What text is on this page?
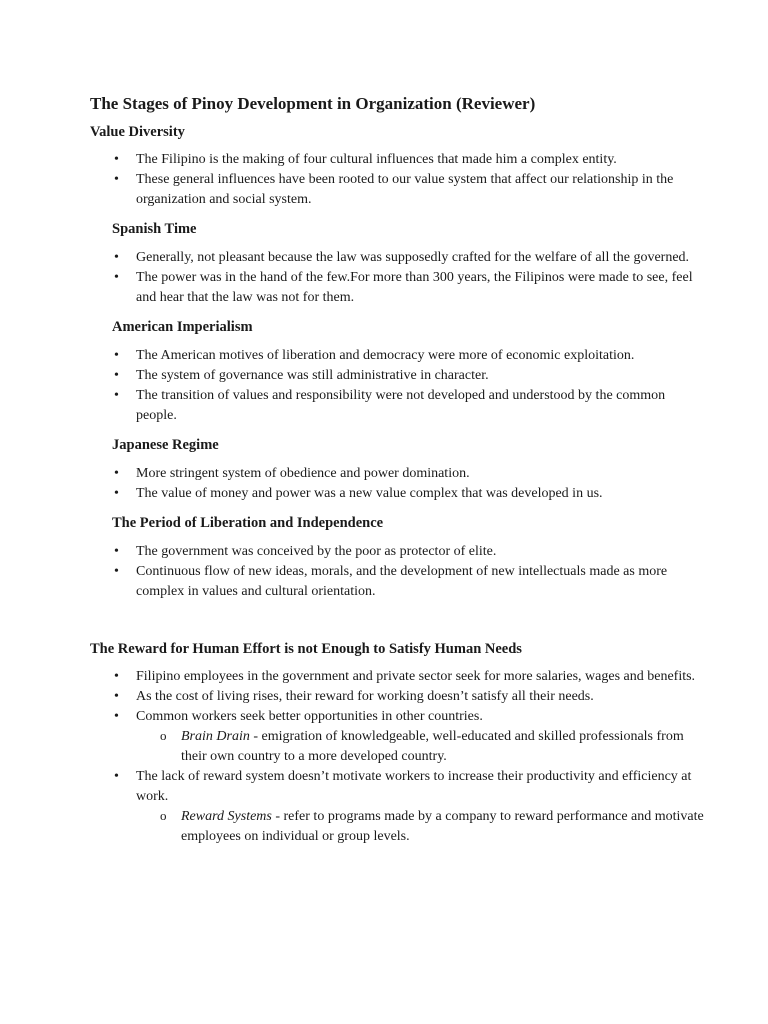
The Stages of Pinoy Development in Organization (Reviewer)
Value Diversity
• The Filipino is the making of four cultural influences that made him a complex entity.
• These general influences have been rooted to our value system that affect our relationship in the organization and social system.
Spanish Time
• Generally, not pleasant because the law was supposedly crafted for the welfare of all the governed.
• The power was in the hand of the few.For more than 300 years, the Filipinos were made to see, feel and hear that the law was not for them.
American Imperialism
• The American motives of liberation and democracy were more of economic exploitation.
• The system of governance was still administrative in character.
• The transition of values and responsibility were not developed and understood by the common people.
Japanese Regime
• More stringent system of obedience and power domination.
• The value of money and power was a new value complex that was developed in us.
The Period of Liberation and Independence
• The government was conceived by the poor as protector of elite.
• Continuous flow of new ideas, morals, and the development of new intellectuals made as more complex in values and cultural orientation.
The Reward for Human Effort is not Enough to Satisfy Human Needs
• Filipino employees in the government and private sector seek for more salaries, wages and benefits.
• As the cost of living rises, their reward for working doesn’t satisfy all their needs.
• Common workers seek better opportunities in other countries.
o Brain Drain - emigration of knowledgeable, well-educated and skilled professionals from their own country to a more developed country.
• The lack of reward system doesn’t motivate workers to increase their productivity and efficiency at work.
o Reward Systems - refer to programs made by a company to reward performance and motivate employees on individual or group levels.
